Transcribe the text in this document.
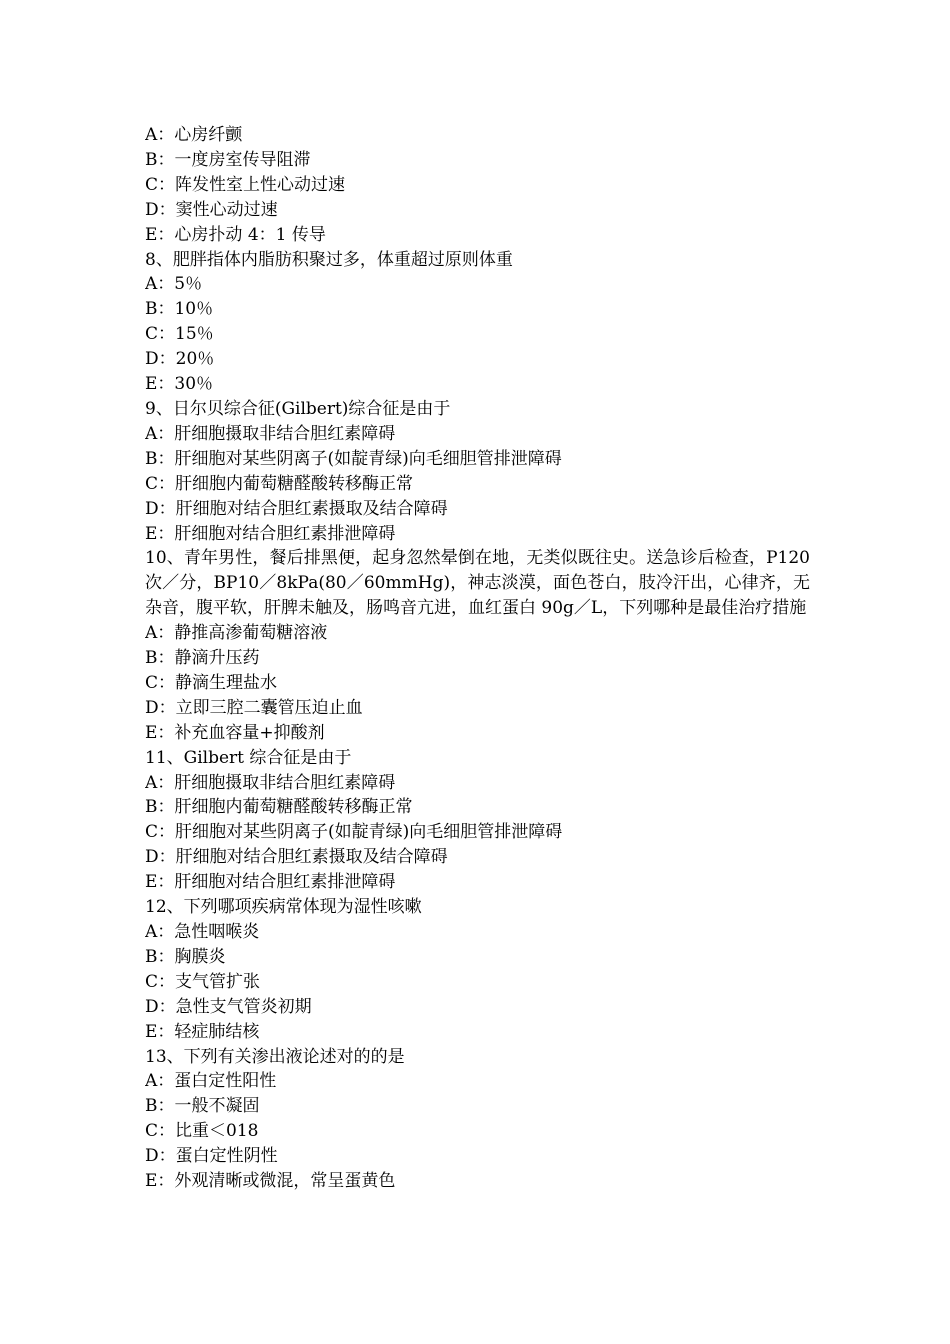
A：心房纤颤
B：一度房室传导阻滞
C：阵发性室上性心动过速
D：窦性心动过速
E：心房扑动 4：1 传导
8、肥胖指体内脂肪积聚过多，体重超过原则体重
A：5％
B：10％
C：15％
D：20％
E：30％
9、日尔贝综合征(Gilbert)综合征是由于
A：肝细胞摄取非结合胆红素障碍
B：肝细胞对某些阴离子(如靛青绿)向毛细胆管排泄障碍
C：肝细胞内葡萄糖醛酸转移酶正常
D：肝细胞对结合胆红素摄取及结合障碍
E：肝细胞对结合胆红素排泄障碍
10、青年男性，餐后排黑便，起身忽然晕倒在地，无类似既往史。送急诊后检查，P120 次／分，BP10／8kPa(80／60mmHg)，神志淡漠，面色苍白，肢冷汗出，心律齐，无杂音，腹平软，肝脾未触及，肠鸣音亢进，血红蛋白 90g／L，下列哪种是最佳治疗措施
A：静推高渗葡萄糖溶液
B：静滴升压药
C：静滴生理盐水
D：立即三腔二囊管压迫止血
E：补充血容量+抑酸剂
11、Gilbert 综合征是由于
A：肝细胞摄取非结合胆红素障碍
B：肝细胞内葡萄糖醛酸转移酶正常
C：肝细胞对某些阴离子(如靛青绿)向毛细胆管排泄障碍
D：肝细胞对结合胆红素摄取及结合障碍
E：肝细胞对结合胆红素排泄障碍
12、下列哪项疾病常体现为湿性咳嗽
A：急性咽喉炎
B：胸膜炎
C：支气管扩张
D：急性支气管炎初期
E：轻症肺结核
13、下列有关渗出液论述对的的是
A：蛋白定性阳性
B：一般不凝固
C：比重＜018
D：蛋白定性阴性
E：外观清晰或微混，常呈蛋黄色
